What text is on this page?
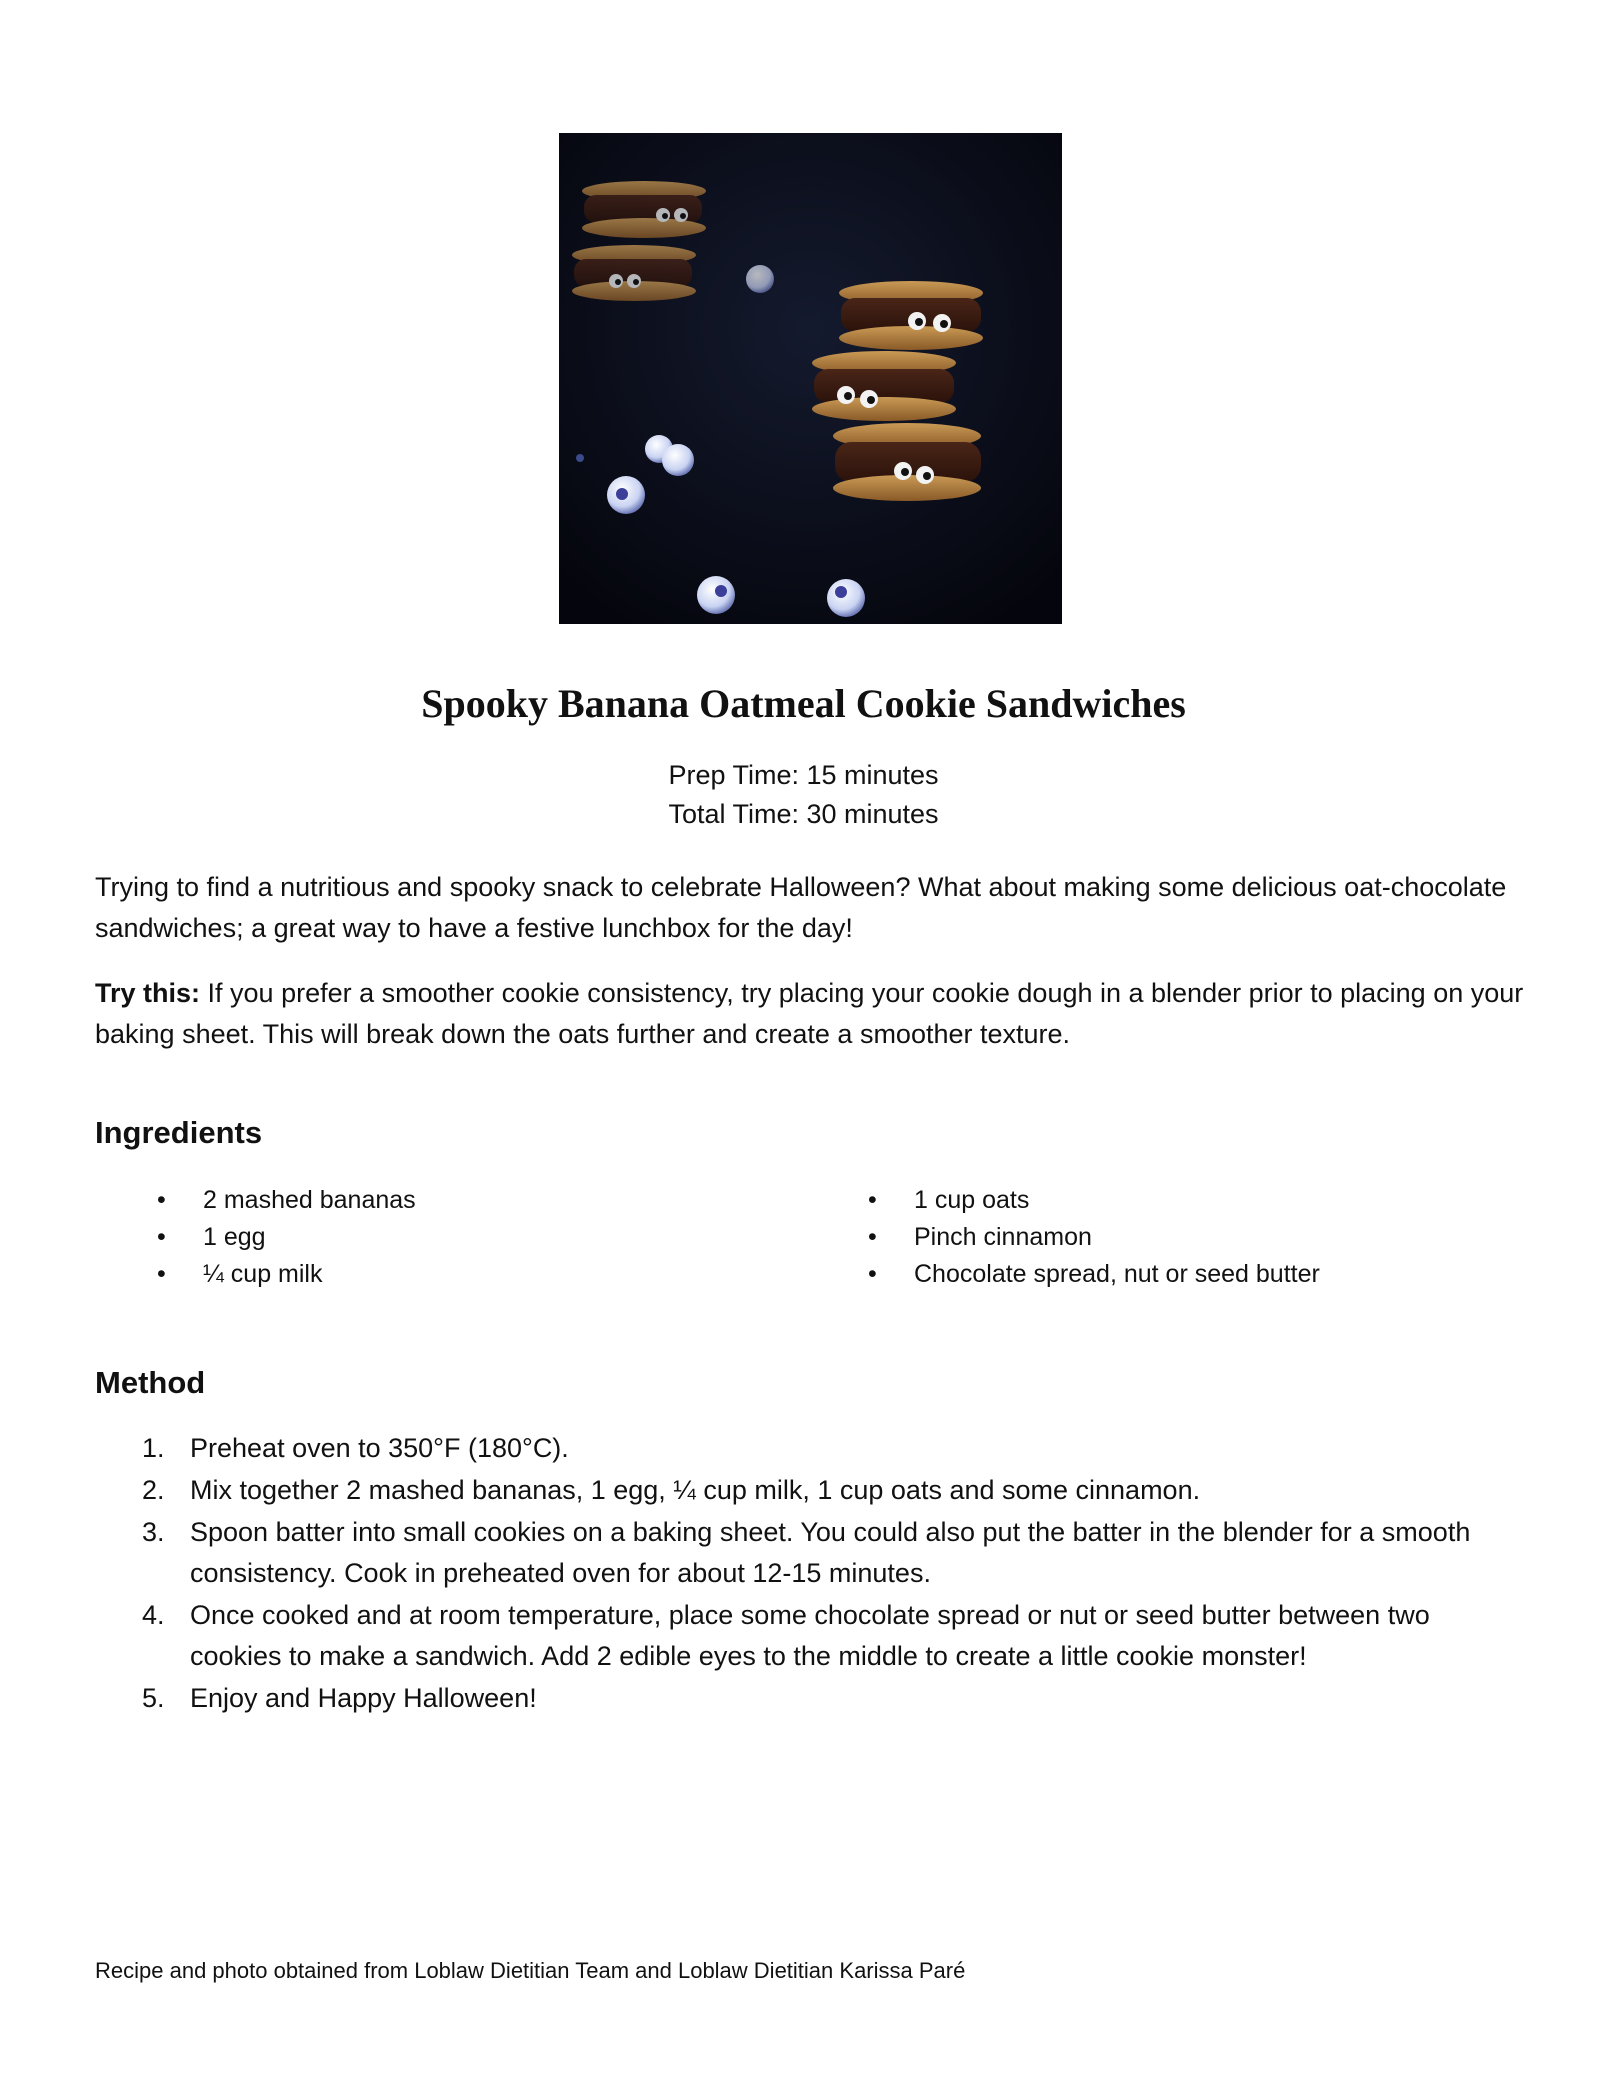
Spooky Banana Oatmeal Cookie Sandwiches
Prep Time: 15 minutes
Total Time: 30 minutes
Trying to find a nutritious and spooky snack to celebrate Halloween? What about making some delicious oat-chocolate sandwiches; a great way to have a festive lunchbox for the day!
Try this: If you prefer a smoother cookie consistency, try placing your cookie dough in a blender prior to placing on your baking sheet. This will break down the oats further and create a smoother texture.
Ingredients
• 2 mashed bananas
• 1 egg
• ¼ cup milk
• 1 cup oats
• Pinch cinnamon
• Chocolate spread, nut or seed butter
Method
1. Preheat oven to 350°F (180°C).
2. Mix together 2 mashed bananas, 1 egg, ¼ cup milk, 1 cup oats and some cinnamon.
3. Spoon batter into small cookies on a baking sheet. You could also put the batter in the blender for a smooth consistency. Cook in preheated oven for about 12-15 minutes.
4. Once cooked and at room temperature, place some chocolate spread or nut or seed butter between two cookies to make a sandwich. Add 2 edible eyes to the middle to create a little cookie monster!
5. Enjoy and Happy Halloween!
Recipe and photo obtained from Loblaw Dietitian Team and Loblaw Dietitian Karissa Paré
